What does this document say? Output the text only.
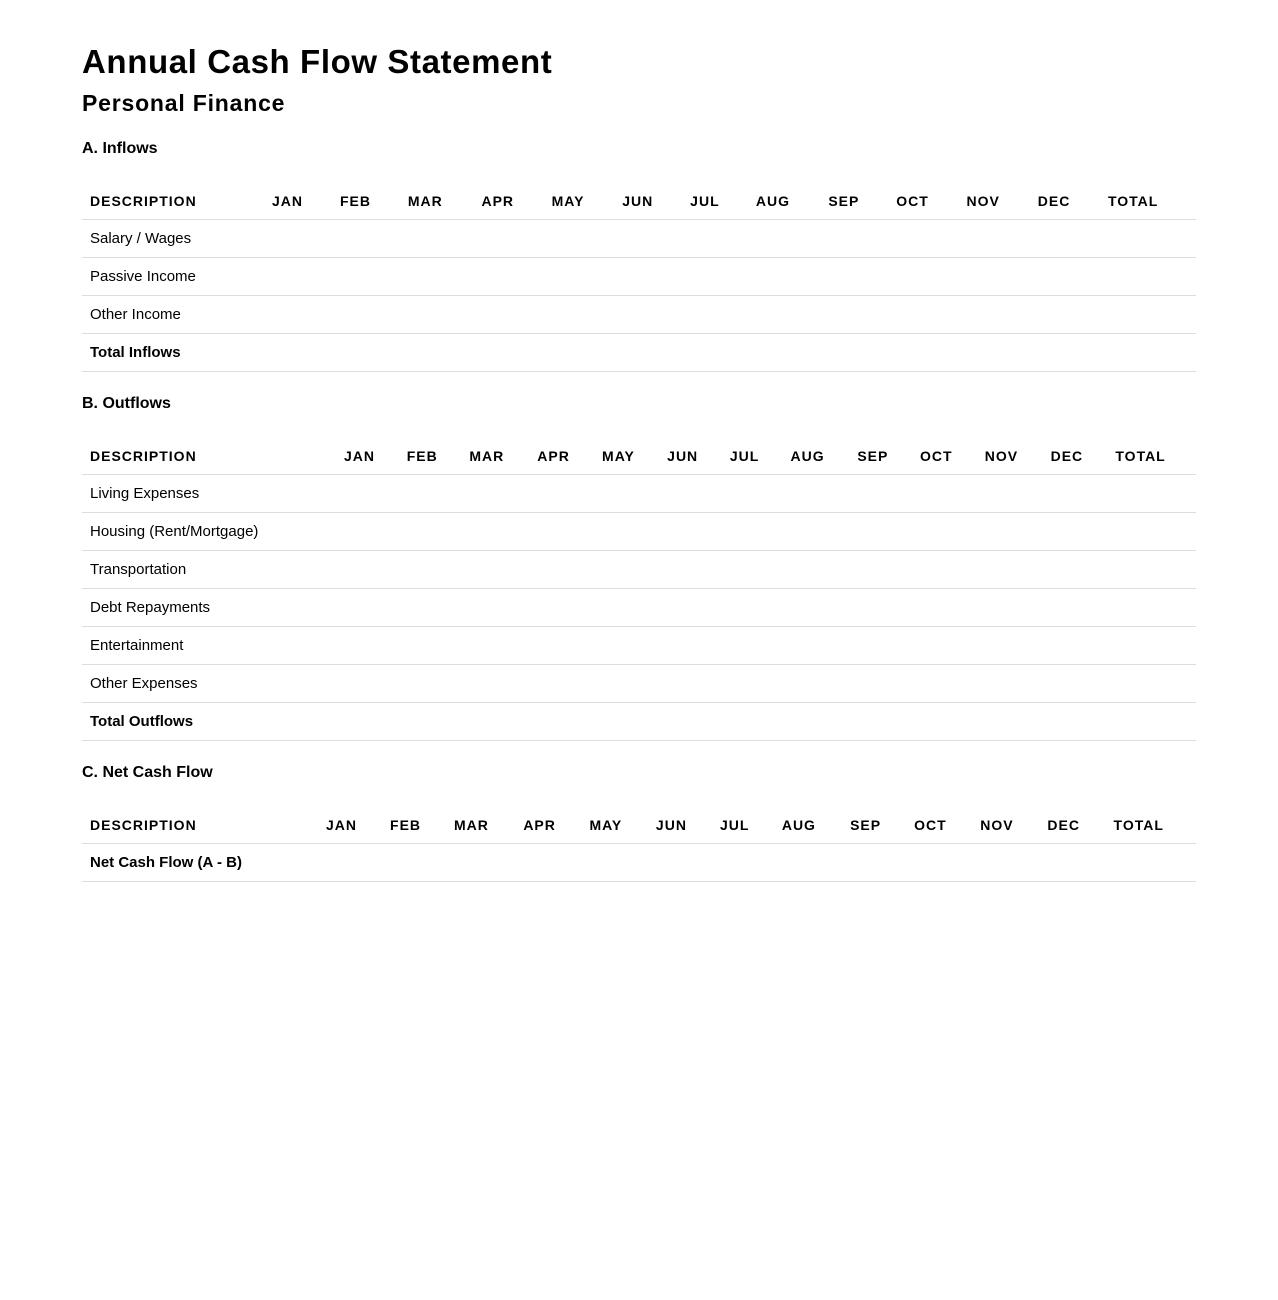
Annual Cash Flow Statement
Personal Finance
A. Inflows
DESCRIPTION	JAN	FEB	MAR	APR	MAY	JUN	JUL	AUG	SEP	OCT	NOV	DEC	TOTAL
Salary / Wages													
Passive Income													
Other Income													
Total Inflows													
B. Outflows
DESCRIPTION	JAN	FEB	MAR	APR	MAY	JUN	JUL	AUG	SEP	OCT	NOV	DEC	TOTAL
Living Expenses													
Housing (Rent/Mortgage)													
Transportation													
Debt Repayments													
Entertainment													
Other Expenses													
Total Outflows													
C. Net Cash Flow
DESCRIPTION	JAN	FEB	MAR	APR	MAY	JUN	JUL	AUG	SEP	OCT	NOV	DEC	TOTAL
Net Cash Flow (A - B)													
